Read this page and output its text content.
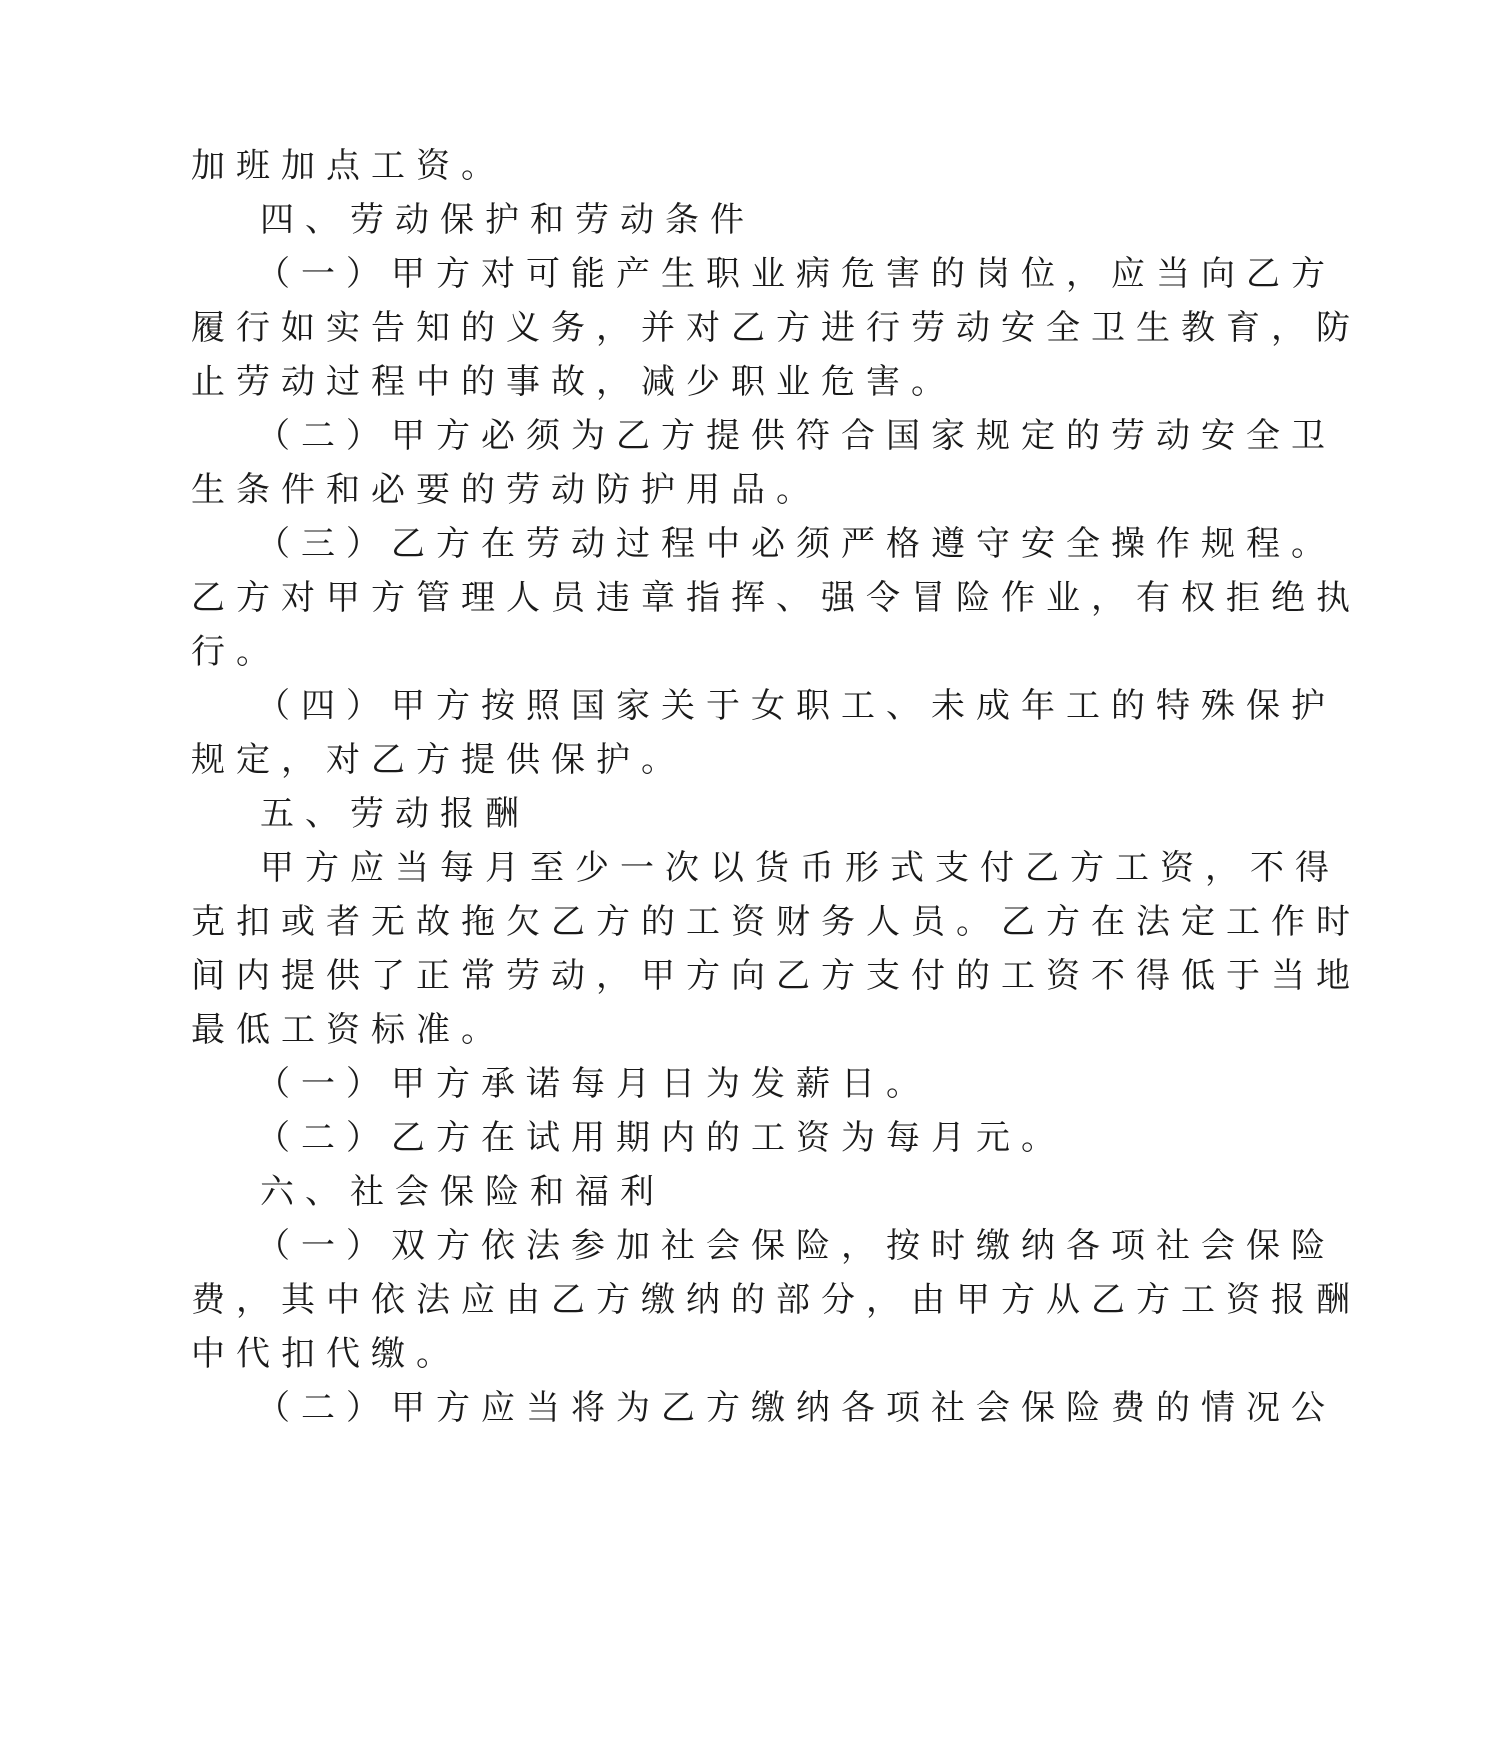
加班加点工资。
四、劳动保护和劳动条件
（一）甲方对可能产生职业病危害的岗位，应当向乙方
履行如实告知的义务，并对乙方进行劳动安全卫生教育，防
止劳动过程中的事故，减少职业危害。
（二）甲方必须为乙方提供符合国家规定的劳动安全卫
生条件和必要的劳动防护用品。
（三）乙方在劳动过程中必须严格遵守安全操作规程。
乙方对甲方管理人员违章指挥、强令冒险作业，有权拒绝执
行。
（四）甲方按照国家关于女职工、未成年工的特殊保护
规定，对乙方提供保护。
五、劳动报酬
甲方应当每月至少一次以货币形式支付乙方工资，不得
克扣或者无故拖欠乙方的工资财务人员。乙方在法定工作时
间内提供了正常劳动，甲方向乙方支付的工资不得低于当地
最低工资标准。
（一）甲方承诺每月日为发薪日。
（二）乙方在试用期内的工资为每月元。
六、社会保险和福利
（一）双方依法参加社会保险，按时缴纳各项社会保险
费，其中依法应由乙方缴纳的部分，由甲方从乙方工资报酬
中代扣代缴。
（二）甲方应当将为乙方缴纳各项社会保险费的情况公
